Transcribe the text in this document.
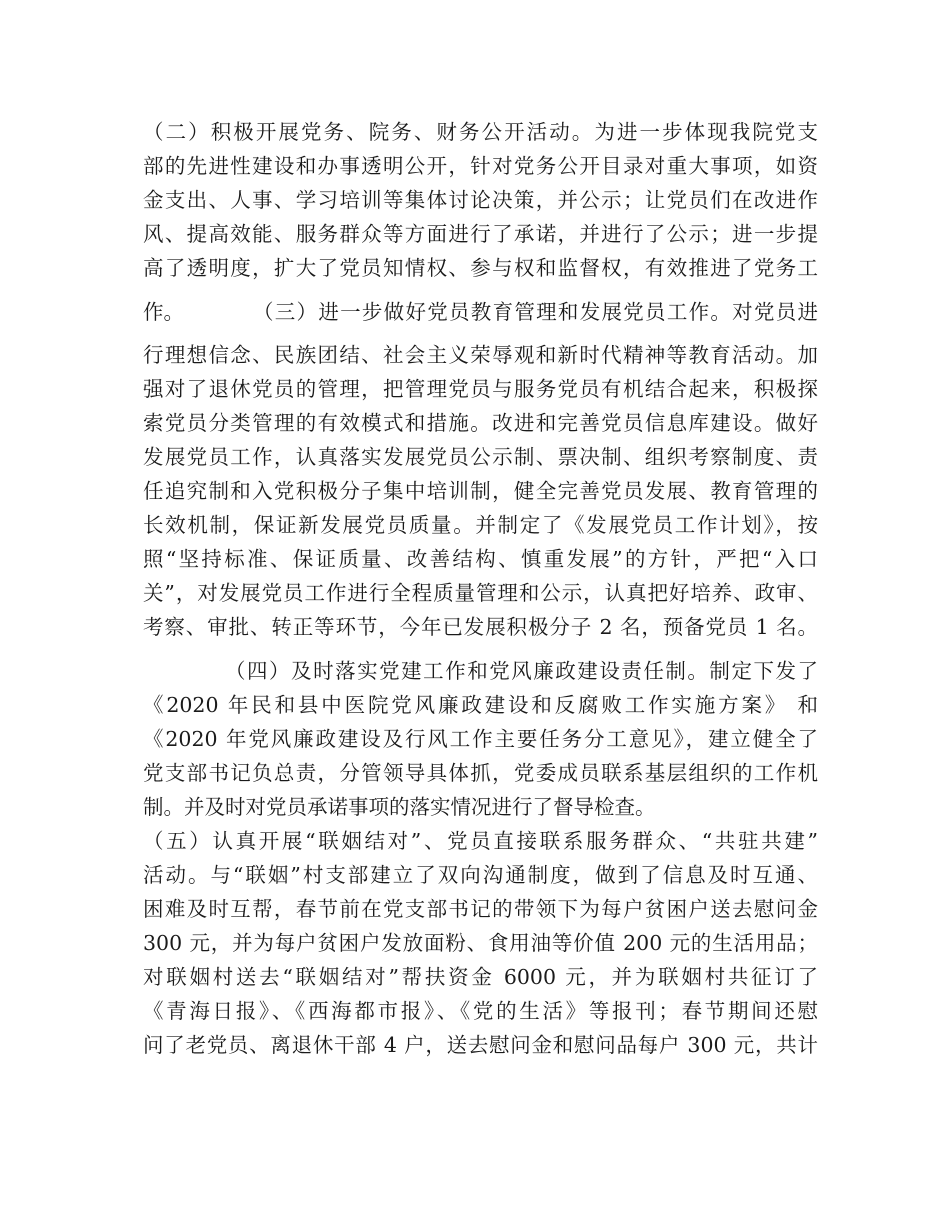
（二）积极开展党务、院务、财务公开活动。为进一步体现我院党支
部的先进性建设和办事透明公开，针对党务公开目录对重大事项，如资
金支出、人事、学习培训等集体讨论决策，并公示；让党员们在改进作
风、提高效能、服务群众等方面进行了承诺，并进行了公示；进一步提
高了透明度，扩大了党员知情权、参与权和监督权，有效推进了党务工
作。	（三）进一步做好党员教育管理和发展党员工作。对党员进
行理想信念、民族团结、社会主义荣辱观和新时代精神等教育活动。加
强对了退休党员的管理，把管理党员与服务党员有机结合起来，积极探
索党员分类管理的有效模式和措施。改进和完善党员信息库建设。做好
发展党员工作，认真落实发展党员公示制、票决制、组织考察制度、责
任追究制和入党积极分子集中培训制，健全完善党员发展、教育管理的
长效机制，保证新发展党员质量。并制定了《发展党员工作计划》，按
照“坚持标准、保证质量、改善结构、慎重发展”的方针，严把“入口
关”，对发展党员工作进行全程质量管理和公示，认真把好培养、政审、
考察、审批、转正等环节，今年已发展积极分子 2 名，预备党员 1 名。
（四）及时落实党建工作和党风廉政建设责任制。制定下发了
《2020 年民和县中医院党风廉政建设和反腐败工作实施方案》 和
《2020 年党风廉政建设及行风工作主要任务分工意见》，建立健全了
党支部书记负总责，分管领导具体抓，党委成员联系基层组织的工作机
制。并及时对党员承诺事项的落实情况进行了督导检查。
（五）认真开展“联姻结对”、党员直接联系服务群众、“共驻共建”
活动。与“联姻”村支部建立了双向沟通制度，做到了信息及时互通、
困难及时互帮，春节前在党支部书记的带领下为每户贫困户送去慰问金
300 元，并为每户贫困户发放面粉、食用油等价值 200 元的生活用品；
对联姻村送去“联姻结对”帮扶资金 6000 元，并为联姻村共征订了
《青海日报》、《西海都市报》、《党的生活》等报刊；春节期间还慰
问了老党员、离退休干部 4 户，送去慰问金和慰问品每户 300 元，共计
